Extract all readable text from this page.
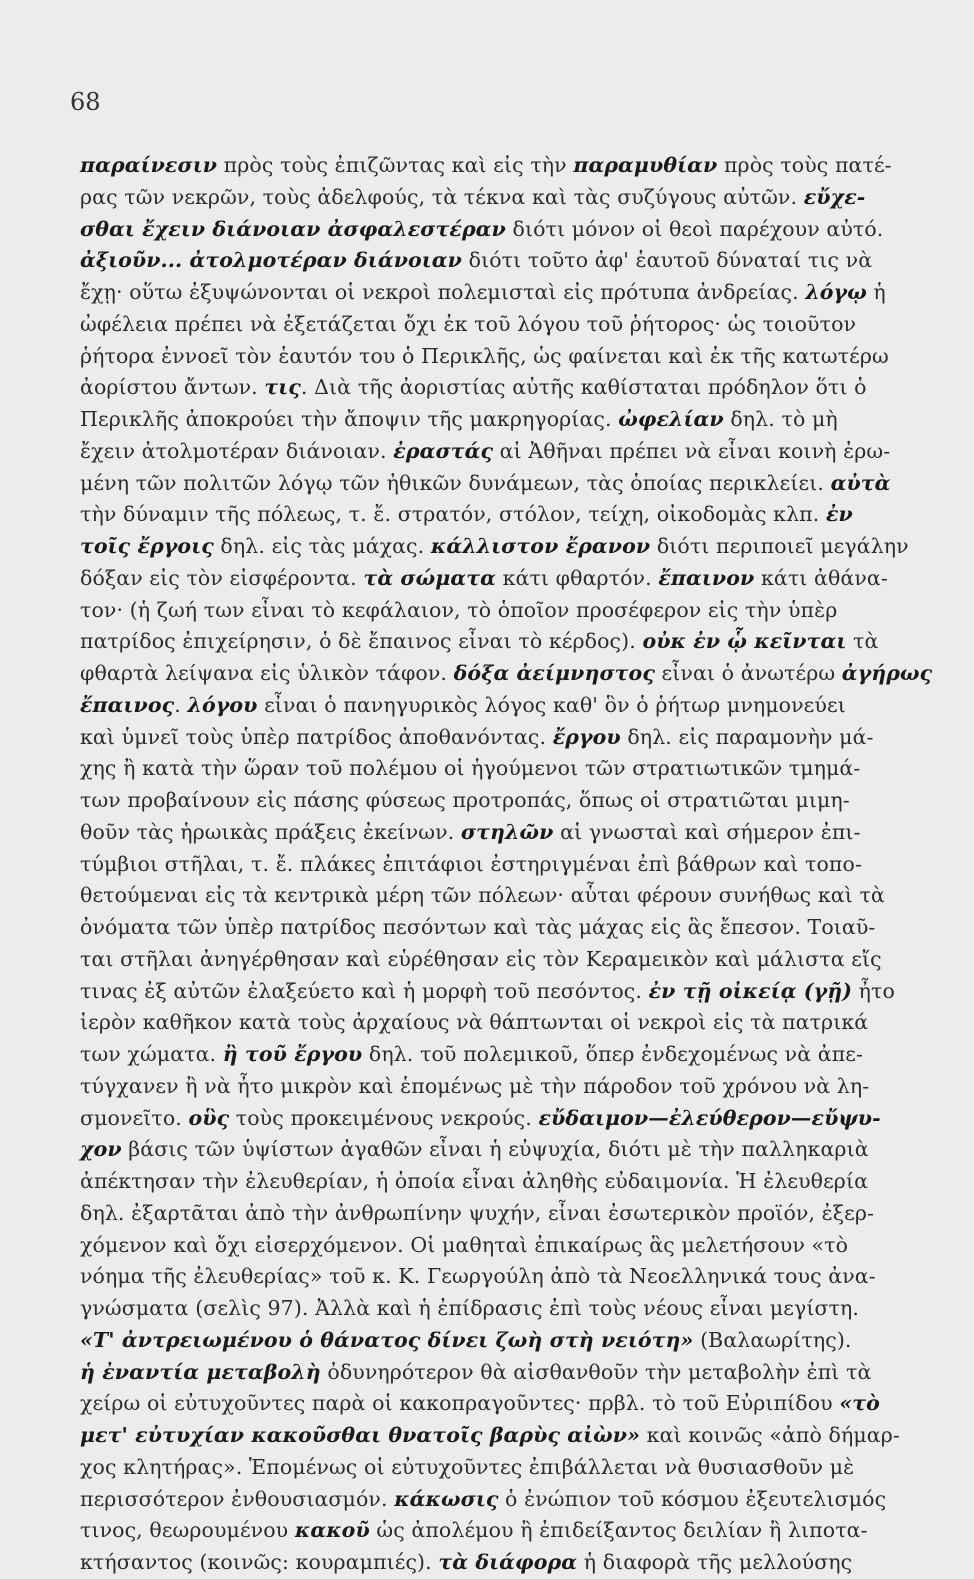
68
παραίνεσιν πρὸς τοὺς ἐπιζῶντας καὶ εἰς τὴν παραμυθίαν πρὸς τοὺς πατέ-
ρας τῶν νεκρῶν, τοὺς ἀδελφούς, τὰ τέκνα καὶ τὰς συζύγους αὐτῶν. εὔχε-
σθαι ἔχειν διάνοιαν ἀσφαλεστέραν διότι μόνον οἱ θεοὶ παρέχουν αὐτό.
ἀξιοῦν... ἀτολμοτέραν διάνοιαν διότι τοῦτο ἀφ' ἑαυτοῦ δύναταί τις νὰ
ἔχῃ· οὕτω ἐξυψώνονται οἱ νεκροὶ πολεμισταὶ εἰς πρότυπα ἀνδρείας. λόγῳ ἡ
ὠφέλεια πρέπει νὰ ἐξετάζεται ὄχι ἐκ τοῦ λόγου τοῦ ῥήτορος· ὡς τοιοῦτον
ῥήτορα ἐννοεῖ τὸν ἑαυτόν του ὁ Περικλῆς, ὡς φαίνεται καὶ ἐκ τῆς κατωτέρω
ἀορίστου ἄντων. τις. Διὰ τῆς ἀοριστίας αὐτῆς καθίσταται πρόδηλον ὅτι ὁ
Περικλῆς ἀποκρούει τὴν ἄποψιν τῆς μακρηγορίας. ὠφελίαν δηλ. τὸ μὴ
ἔχειν ἀτολμοτέραν διάνοιαν. ἐραστάς αἱ Ἀθῆναι πρέπει νὰ εἶναι κοινὴ ἐρω-
μένη τῶν πολιτῶν λόγῳ τῶν ἠθικῶν δυνάμεων, τὰς ὁποίας περικλείει. αὐτὰ
τὴν δύναμιν τῆς πόλεως, τ. ἔ. στρατόν, στόλον, τείχη, οἰκοδομὰς κλπ. ἐν
τοῖς ἔργοις δηλ. εἰς τὰς μάχας. κάλλιστον ἔρανον διότι περιποιεῖ μεγάλην
δόξαν εἰς τὸν εἰσφέροντα. τὰ σώματα κάτι φθαρτόν. ἔπαινον κάτι ἀθάνα-
τον· (ἡ ζωή των εἶναι τὸ κεφάλαιον, τὸ ὁποῖον προσέφερον εἰς τὴν ὑπὲρ
πατρίδος ἐπιχείρησιν, ὁ δὲ ἔπαινος εἶναι τὸ κέρδος). οὐκ ἐν ᾧ κεῖνται τὰ
φθαρτὰ λείψανα εἰς ὑλικὸν τάφον. δόξα ἀείμνηστος εἶναι ὁ ἀνωτέρω ἀγήρως
ἔπαινος. λόγου εἶναι ὁ πανηγυρικὸς λόγος καθ' ὃν ὁ ῥήτωρ μνημονεύει
καὶ ὑμνεῖ τοὺς ὑπὲρ πατρίδος ἀποθανόντας. ἔργου δηλ. εἰς παραμονὴν μά-
χης ἢ κατὰ τὴν ὥραν τοῦ πολέμου οἱ ἡγούμενοι τῶν στρατιωτικῶν τμημά-
των προβαίνουν εἰς πάσης φύσεως προτροπάς, ὅπως οἱ στρατιῶται μιμη-
θοῦν τὰς ἡρωικὰς πράξεις ἐκείνων. στηλῶν αἱ γνωσταὶ καὶ σήμερον ἐπι-
τύμβιοι στῆλαι, τ. ἔ. πλάκες ἐπιτάφιοι ἐστηριγμέναι ἐπὶ βάθρων καὶ τοπο-
θετούμεναι εἰς τὰ κεντρικὰ μέρη τῶν πόλεων· αὗται φέρουν συνήθως καὶ τὰ
ὀνόματα τῶν ὑπὲρ πατρίδος πεσόντων καὶ τὰς μάχας εἰς ἃς ἔπεσον. Τοιαῦ-
ται στῆλαι ἀνηγέρθησαν καὶ εὑρέθησαν εἰς τὸν Κεραμεικὸν καὶ μάλιστα εἴς
τινας ἐξ αὐτῶν ἐλαξεύετο καὶ ἡ μορφὴ τοῦ πεσόντος. ἐν τῇ οἰκείᾳ (γῇ) ἦτο
ἱερὸν καθῆκον κατὰ τοὺς ἀρχαίους νὰ θάπτωνται οἱ νεκροὶ εἰς τὰ πατρικά
των χώματα. ἢ τοῦ ἔργου δηλ. τοῦ πολεμικοῦ, ὅπερ ἐνδεχομένως νὰ ἀπε-
τύγχανεν ἢ νὰ ἦτο μικρὸν καὶ ἑπομένως μὲ τὴν πάροδον τοῦ χρόνου νὰ λη-
σμονεῖτο. οὓς τοὺς προκειμένους νεκρούς. εὔδαιμον—ἐλεύθερον—εὔψυ-
χον βάσις τῶν ὑψίστων ἀγαθῶν εἶναι ἡ εὐψυχία, διότι μὲ τὴν παλληκαριὰ
ἀπέκτησαν τὴν ἐλευθερίαν, ἡ ὁποία εἶναι ἀληθὴς εὐδαιμονία. Ἡ ἐλευθερία
δηλ. ἐξαρτᾶται ἀπὸ τὴν ἀνθρωπίνην ψυχήν, εἶναι ἐσωτερικὸν προϊόν, ἐξερ-
χόμενον καὶ ὄχι εἰσερχόμενον. Οἱ μαθηταὶ ἐπικαίρως ἃς μελετήσουν «τὸ
νόημα τῆς ἐλευθερίας» τοῦ κ. Κ. Γεωργούλη ἀπὸ τὰ Νεοελληνικά τους ἀνα-
γνώσματα (σελὶς 97). Ἀλλὰ καὶ ἡ ἐπίδρασις ἐπὶ τοὺς νέους εἶναι μεγίστη.
«Τ' ἀντρειωμένου ὁ θάνατος δίνει ζωὴ στὴ νειότη» (Βαλαωρίτης).
ἡ ἐναντία μεταβολὴ ὀδυνηρότερον θὰ αἰσθανθοῦν τὴν μεταβολὴν ἐπὶ τὰ
χείρω οἱ εὐτυχοῦντες παρὰ οἱ κακοπραγοῦντες· πρβλ. τὸ τοῦ Εὐριπίδου «τὸ
μετ' εὐτυχίαν κακοῦσθαι θνατοῖς βαρὺς αἰὼν» καὶ κοινῶς «ἀπὸ δήμαρ-
χος κλητήρας». Ἑπομένως οἱ εὐτυχοῦντες ἐπιβάλλεται νὰ θυσιασθοῦν μὲ
περισσότερον ἐνθουσιασμόν. κάκωσις ὁ ἐνώπιον τοῦ κόσμου ἐξευτελισμός
τινος, θεωρουμένου κακοῦ ὡς ἀπολέμου ἢ ἐπιδείξαντος δειλίαν ἢ λιποτα-
κτήσαντος (κοινῶς: κουραμπιές). τὰ διάφορα ἡ διαφορὰ τῆς μελλούσης
